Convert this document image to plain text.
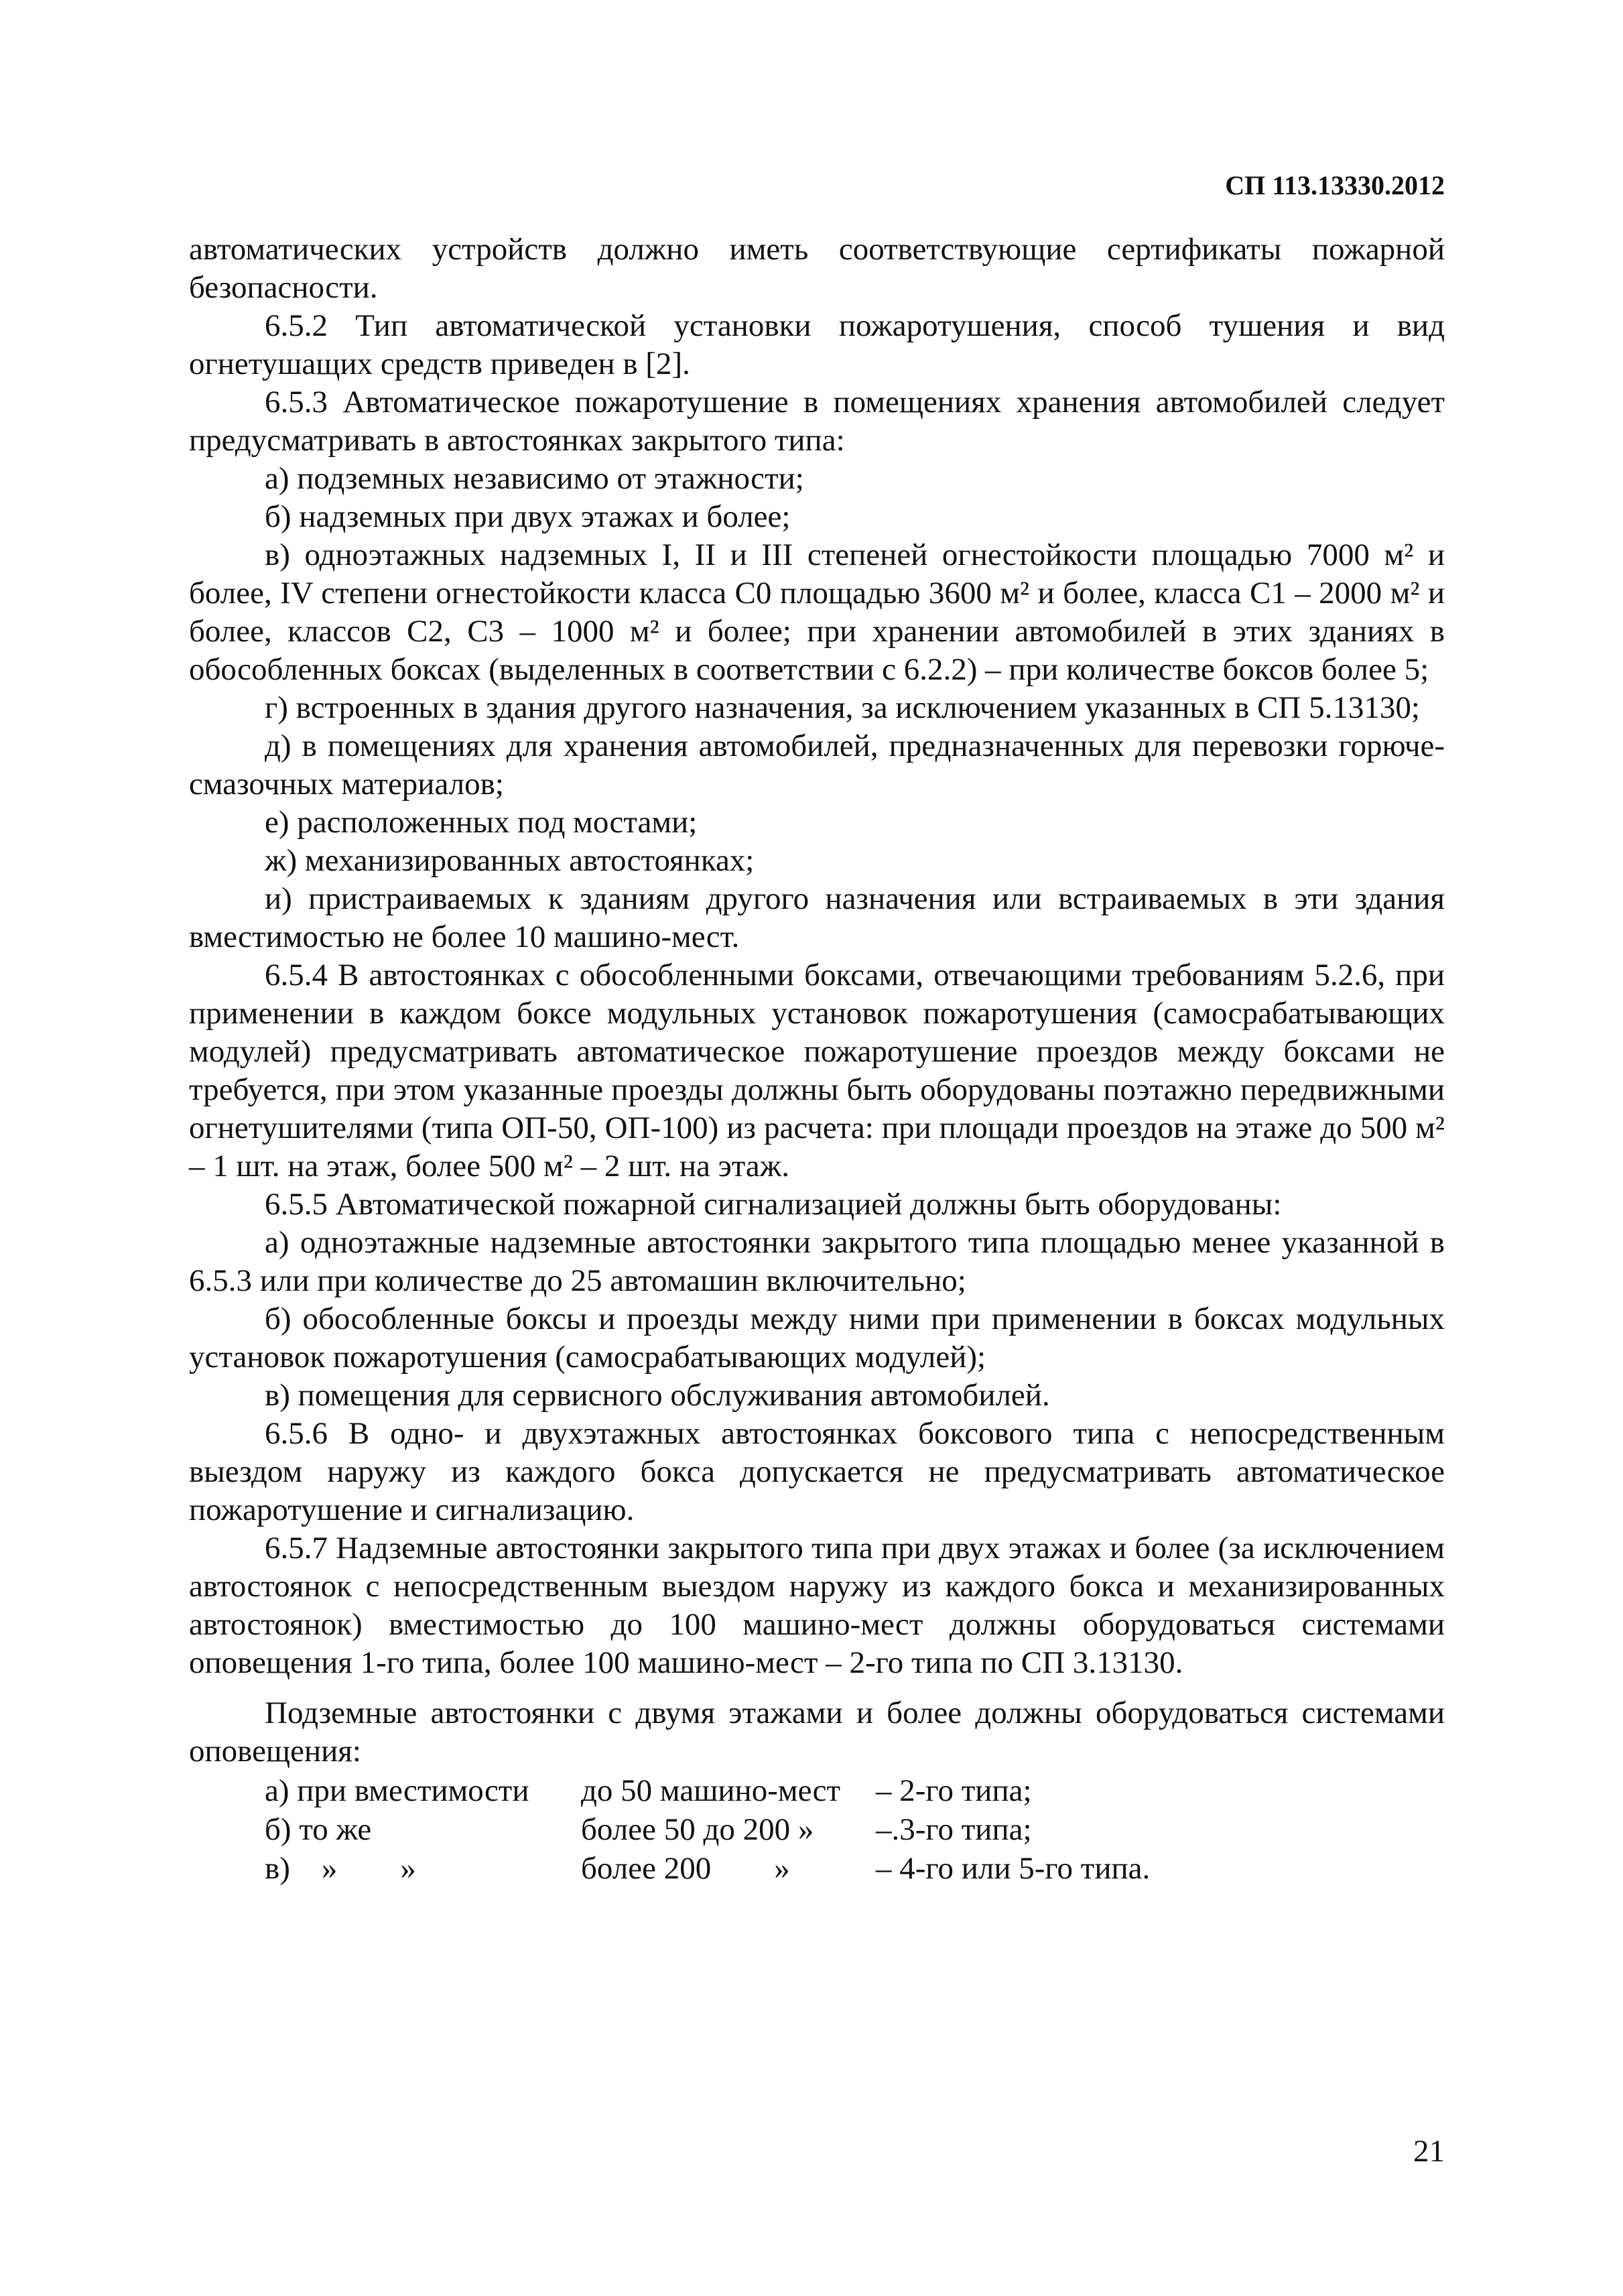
СП 113.13330.2012

автоматических устройств должно иметь соответствующие сертификаты пожарной безопасности.

6.5.2 Тип автоматической установки пожаротушения, способ тушения и вид огнетушащих средств приведен в [2].

6.5.3 Автоматическое пожаротушение в помещениях хранения автомобилей следует предусматривать в автостоянках закрытого типа:

а) подземных независимо от этажности;

б) надземных при двух этажах и более;

в) одноэтажных надземных I, II и III степеней огнестойкости площадью 7000 м² и более, IV степени огнестойкости класса С0 площадью 3600 м² и более, класса С1 – 2000 м² и более, классов С2, С3 – 1000 м² и более; при хранении автомобилей в этих зданиях в обособленных боксах (выделенных в соответствии с 6.2.2) – при количестве боксов более 5;

г) встроенных в здания другого назначения, за исключением указанных в СП 5.13130;

д) в помещениях для хранения автомобилей, предназначенных для перевозки горюче-смазочных материалов;

е) расположенных под мостами;

ж) механизированных автостоянках;

и) пристраиваемых к зданиям другого назначения или встраиваемых в эти здания вместимостью не более 10 машино-мест.

6.5.4 В автостоянках с обособленными боксами, отвечающими требованиям 5.2.6, при применении в каждом боксе модульных установок пожаротушения (самосрабатывающих модулей) предусматривать автоматическое пожаротушение проездов между боксами не требуется, при этом указанные проезды должны быть оборудованы поэтажно передвижными огнетушителями (типа ОП-50, ОП-100) из расчета: при площади проездов на этаже до 500 м² – 1 шт. на этаж, более 500 м² – 2 шт. на этаж.

6.5.5 Автоматической пожарной сигнализацией должны быть оборудованы:

а) одноэтажные надземные автостоянки закрытого типа площадью менее указанной в 6.5.3 или при количестве до 25 автомашин включительно;

б) обособленные боксы и проезды между ними при применении в боксах модульных установок пожаротушения (самосрабатывающих модулей);

в) помещения для сервисного обслуживания автомобилей.

6.5.6 В одно- и двухэтажных автостоянках боксового типа с непосредственным выездом наружу из каждого бокса допускается не предусматривать автоматическое пожаротушение и сигнализацию.

6.5.7 Надземные автостоянки закрытого типа при двух этажах и более (за исключением автостоянок с непосредственным выездом наружу из каждого бокса и механизированных автостоянок) вместимостью до 100 машино-мест должны оборудоваться системами оповещения 1-го типа, более 100 машино-мест – 2-го типа по СП 3.13130.

Подземные автостоянки с двумя этажами и более должны оборудоваться системами оповещения:

а) при вместимости до 50 машино-мест – 2-го типа;
б) то же	более 50 до 200 » –.3-го типа;
в)    »        »	более 200        »	– 4-го или 5-го типа.
21
